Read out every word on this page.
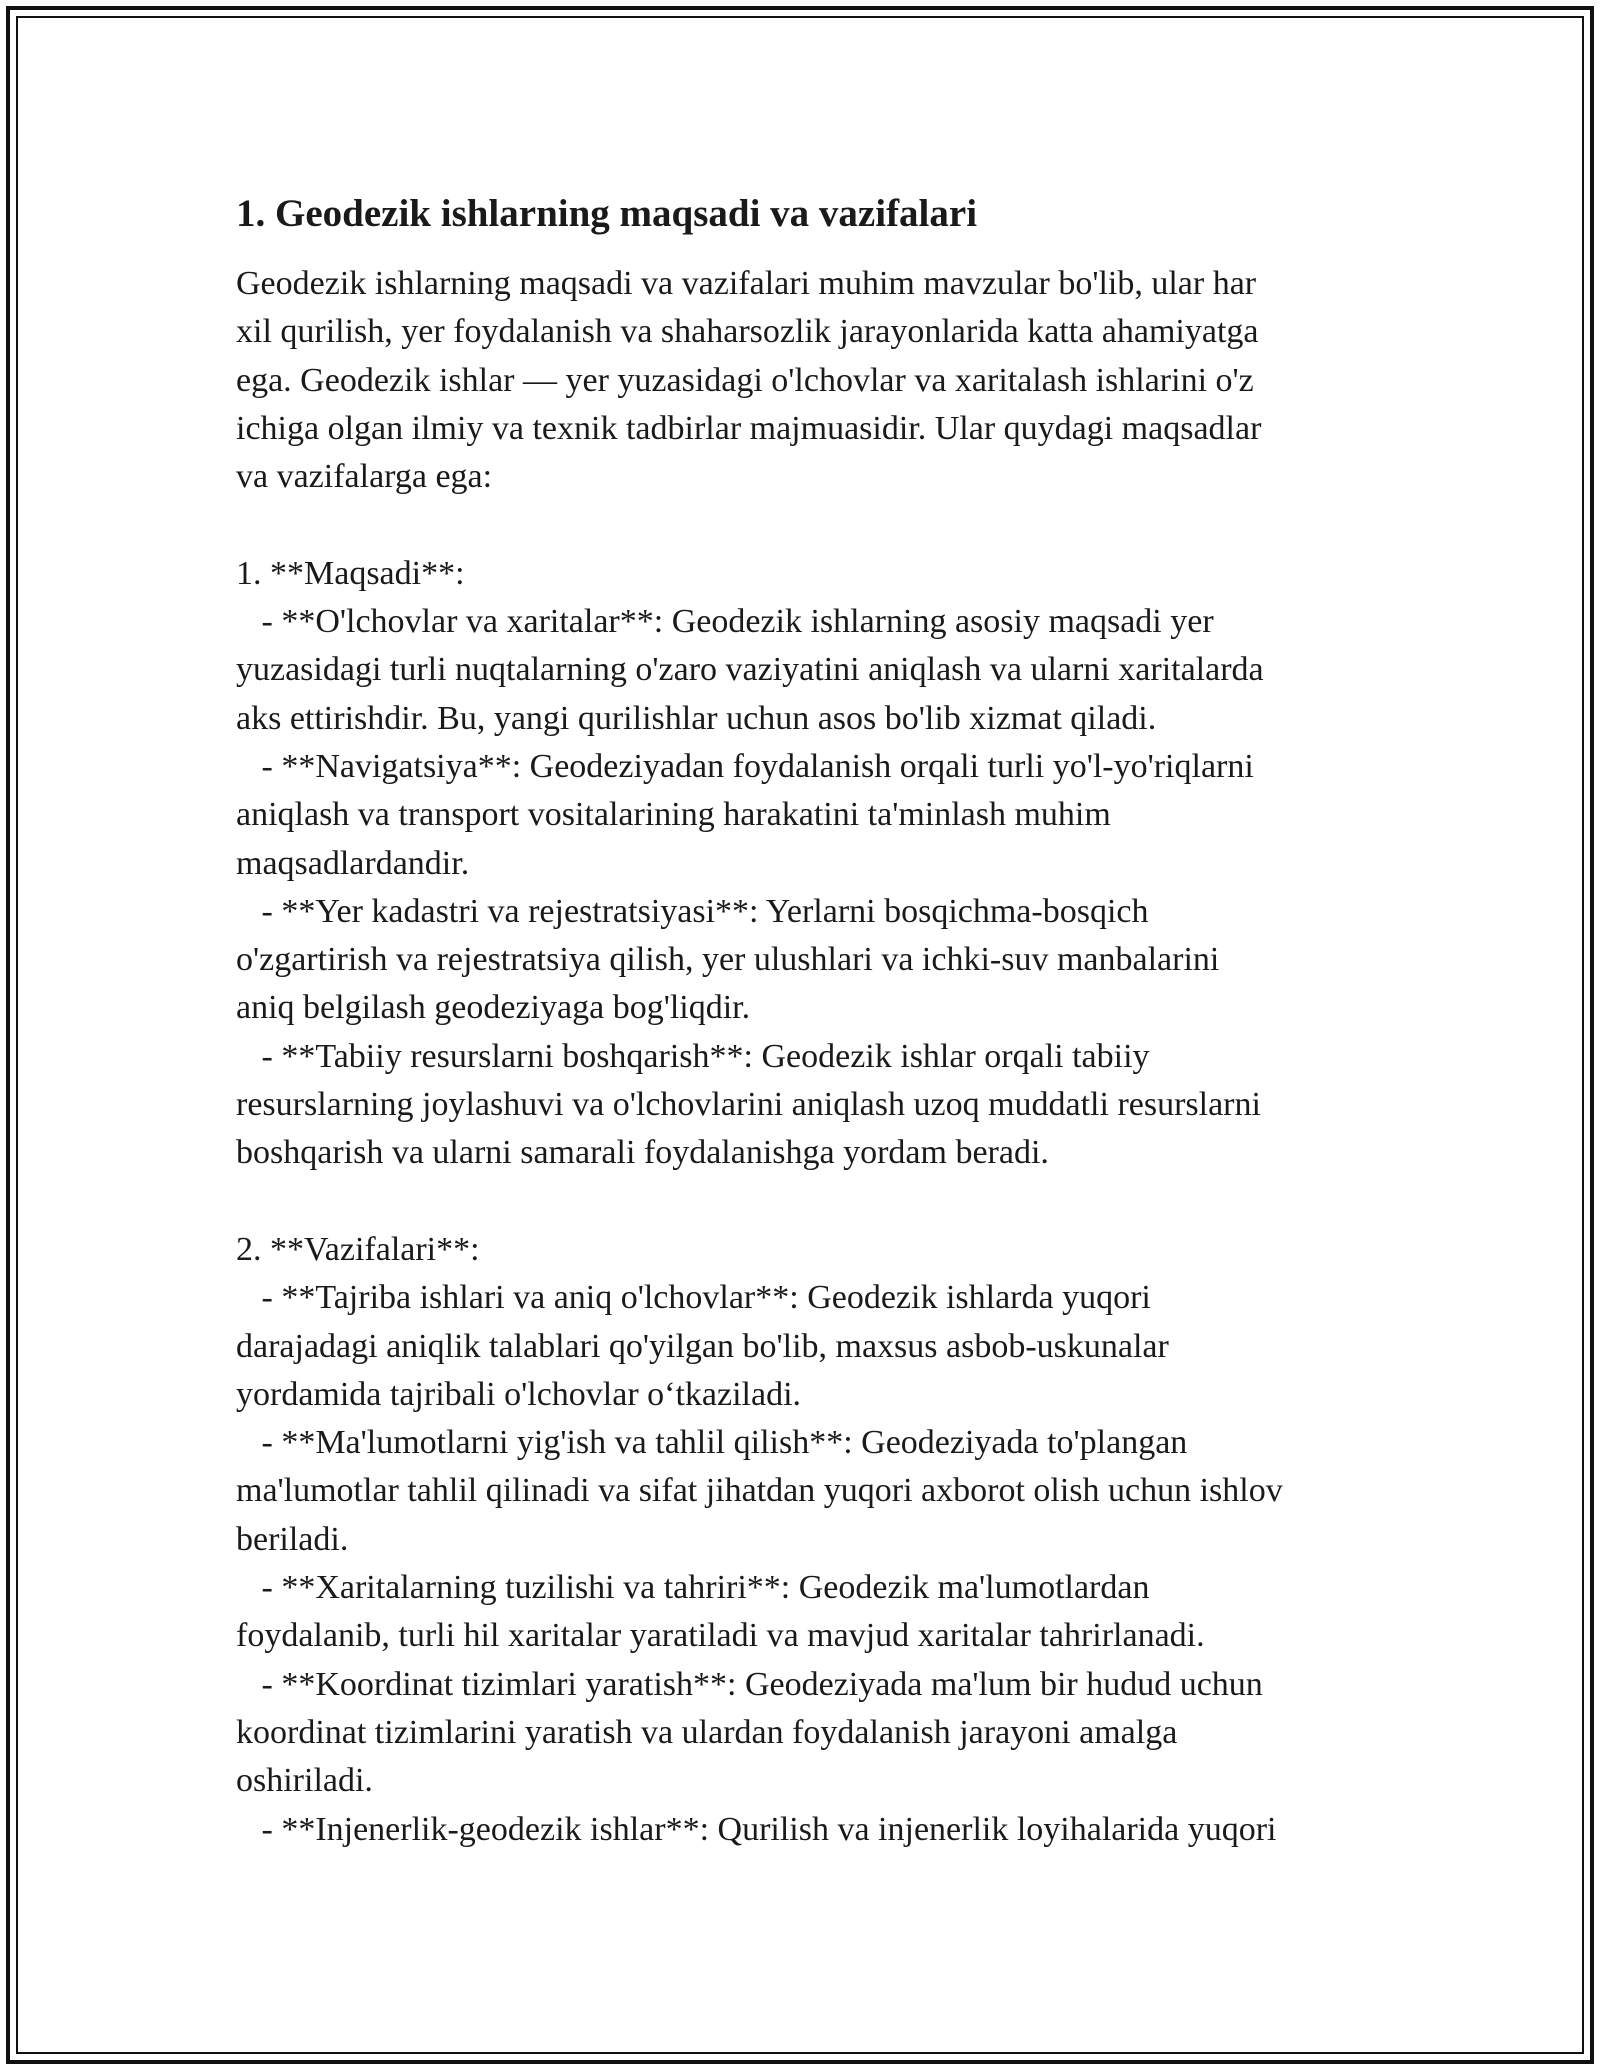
1. Geodezik ishlarning maqsadi va vazifalari

Geodezik ishlarning maqsadi va vazifalari muhim mavzular bo'lib, ular har
xil qurilish, yer foydalanish va shaharsozlik jarayonlarida katta ahamiyatga
ega. Geodezik ishlar — yer yuzasidagi o'lchovlar va xaritalash ishlarini o'z
ichiga olgan ilmiy va texnik tadbirlar majmuasidir. Ular quydagi maqsadlar
va vazifalarga ega:

1. **Maqsadi**:
- **O'lchovlar va xaritalar**: Geodezik ishlarning asosiy maqsadi yer
yuzasidagi turli nuqtalarning o'zaro vaziyatini aniqlash va ularni xaritalarda
aks ettirishdir. Bu, yangi qurilishlar uchun asos bo'lib xizmat qiladi.
- **Navigatsiya**: Geodeziyadan foydalanish orqali turli yo'l-yo'riqlarni
aniqlash va transport vositalarining harakatini ta'minlash muhim
maqsadlardandir.
- **Yer kadastri va rejestratsiyasi**: Yerlarni bosqichma-bosqich
o'zgartirish va rejestratsiya qilish, yer ulushlari va ichki-suv manbalarini
aniq belgilash geodeziyaga bog'liqdir.
- **Tabiiy resurslarni boshqarish**: Geodezik ishlar orqali tabiiy
resurslarning joylashuvi va o'lchovlarini aniqlash uzoq muddatli resurslarni
boshqarish va ularni samarali foydalanishga yordam beradi.

2. **Vazifalari**:
- **Tajriba ishlari va aniq o'lchovlar**: Geodezik ishlarda yuqori
darajadagi aniqlik talablari qo'yilgan bo'lib, maxsus asbob-uskunalar
yordamida tajribali o'lchovlar o‘tkaziladi.
- **Ma'lumotlarni yig'ish va tahlil qilish**: Geodeziyada to'plangan
ma'lumotlar tahlil qilinadi va sifat jihatdan yuqori axborot olish uchun ishlov
beriladi.
- **Xaritalarning tuzilishi va tahriri**: Geodezik ma'lumotlardan
foydalanib, turli hil xaritalar yaratiladi va mavjud xaritalar tahrirlanadi.
- **Koordinat tizimlari yaratish**: Geodeziyada ma'lum bir hudud uchun
koordinat tizimlarini yaratish va ulardan foydalanish jarayoni amalga
oshiriladi.
- **Injenerlik-geodezik ishlar**: Qurilish va injenerlik loyihalarida yuqori
